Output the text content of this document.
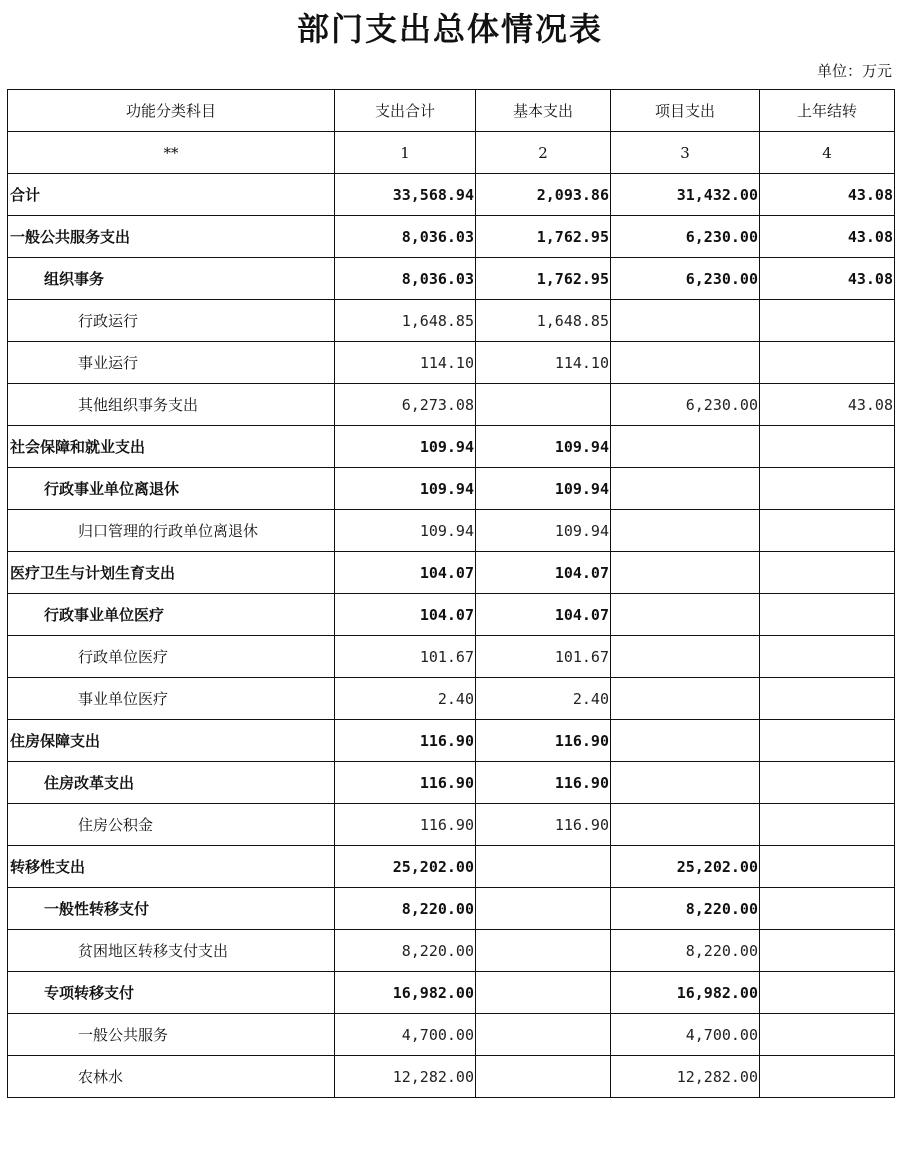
部门支出总体情况表
单位：万元
功能分类科目	支出合计	基本支出	项目支出	上年结转
**	1	2	3	4
合计	33,568.94	2,093.86	31,432.00	43.08
一般公共服务支出	8,036.03	1,762.95	6,230.00	43.08
组织事务	8,036.03	1,762.95	6,230.00	43.08
行政运行	1,648.85	1,648.85		
事业运行	114.10	114.10		
其他组织事务支出	6,273.08		6,230.00	43.08
社会保障和就业支出	109.94	109.94		
行政事业单位离退休	109.94	109.94		
归口管理的行政单位离退休	109.94	109.94		
医疗卫生与计划生育支出	104.07	104.07		
行政事业单位医疗	104.07	104.07		
行政单位医疗	101.67	101.67		
事业单位医疗	2.40	2.40		
住房保障支出	116.90	116.90		
住房改革支出	116.90	116.90		
住房公积金	116.90	116.90		
转移性支出	25,202.00		25,202.00	
一般性转移支付	8,220.00		8,220.00	
贫困地区转移支付支出	8,220.00		8,220.00	
专项转移支付	16,982.00		16,982.00	
一般公共服务	4,700.00		4,700.00	
农林水	12,282.00		12,282.00	
